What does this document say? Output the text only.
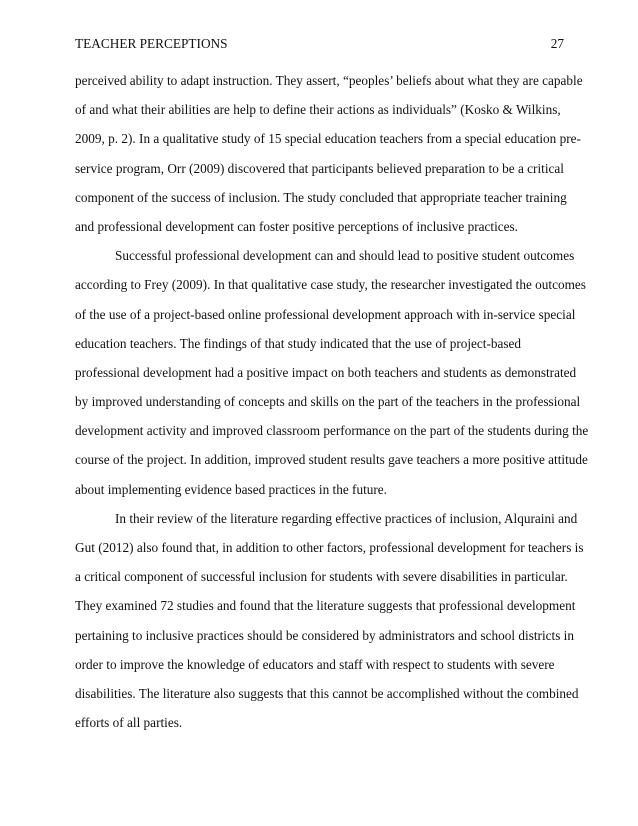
TEACHER PERCEPTIONS	27
perceived ability to adapt instruction. They assert, “peoples’ beliefs about what they are capable
of and what their abilities are help to define their actions as individuals” (Kosko & Wilkins,
2009, p. 2). In a qualitative study of 15 special education teachers from a special education pre-
service program, Orr (2009) discovered that participants believed preparation to be a critical
component of the success of inclusion. The study concluded that appropriate teacher training
and professional development can foster positive perceptions of inclusive practices.
Successful professional development can and should lead to positive student outcomes
according to Frey (2009). In that qualitative case study, the researcher investigated the outcomes
of the use of a project-based online professional development approach with in-service special
education teachers. The findings of that study indicated that the use of project-based
professional development had a positive impact on both teachers and students as demonstrated
by improved understanding of concepts and skills on the part of the teachers in the professional
development activity and improved classroom performance on the part of the students during the
course of the project. In addition, improved student results gave teachers a more positive attitude
about implementing evidence based practices in the future.
In their review of the literature regarding effective practices of inclusion, Alquraini and
Gut (2012) also found that, in addition to other factors, professional development for teachers is
a critical component of successful inclusion for students with severe disabilities in particular.
They examined 72 studies and found that the literature suggests that professional development
pertaining to inclusive practices should be considered by administrators and school districts in
order to improve the knowledge of educators and staff with respect to students with severe
disabilities. The literature also suggests that this cannot be accomplished without the combined
efforts of all parties.
